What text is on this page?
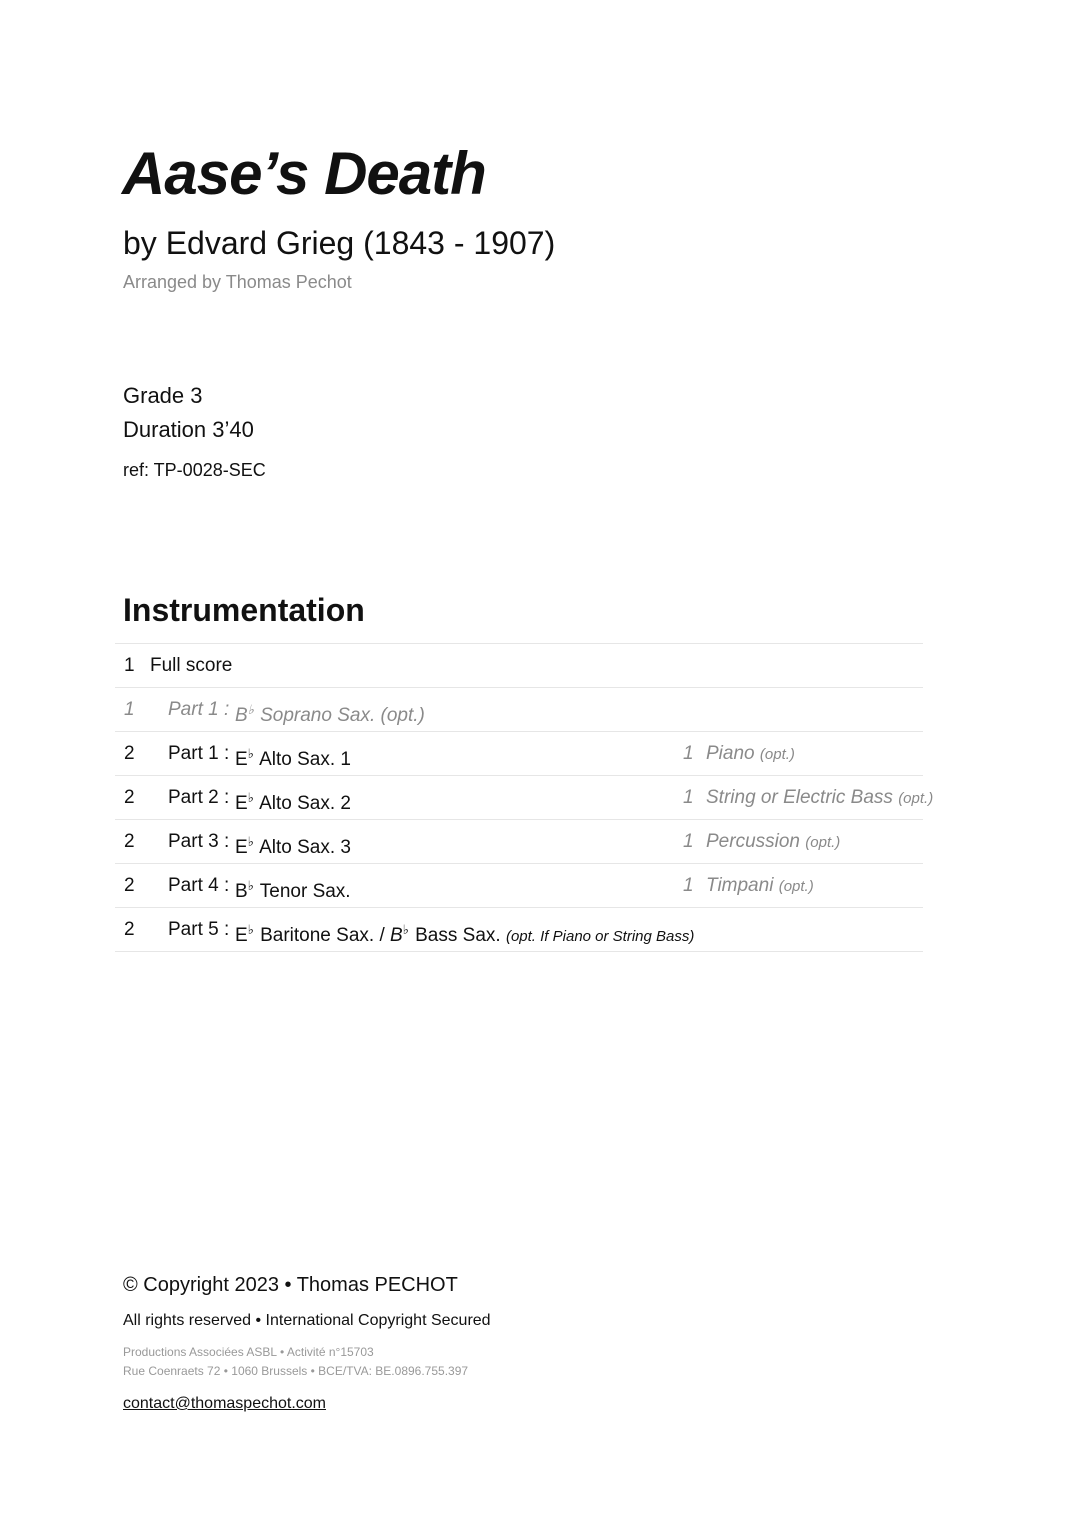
Aase’s Death
by Edvard Grieg (1843 - 1907)
Arranged by Thomas Pechot
Grade 3
Duration 3’40
ref: TP-0028-SEC
Instrumentation
1 Full score
1 Part 1 : B♭ Soprano Sax. (opt.)
2 Part 1 : E♭ Alto Sax. 1	1 Piano (opt.)
2 Part 2 : E♭ Alto Sax. 2	1 String or Electric Bass (opt.)
2 Part 3 : E♭ Alto Sax. 3	1 Percussion (opt.)
2 Part 4 : B♭ Tenor Sax.	1 Timpani (opt.)
2 Part 5 : E♭ Baritone Sax. / B♭ Bass Sax. (opt. If Piano or String Bass)
© Copyright 2023 • Thomas PECHOT
All rights reserved • International Copyright Secured
Productions Associées ASBL • Activité n°15703
Rue Coenraets 72 • 1060 Brussels • BCE/TVA: BE.0896.755.397
contact@thomaspechot.com
